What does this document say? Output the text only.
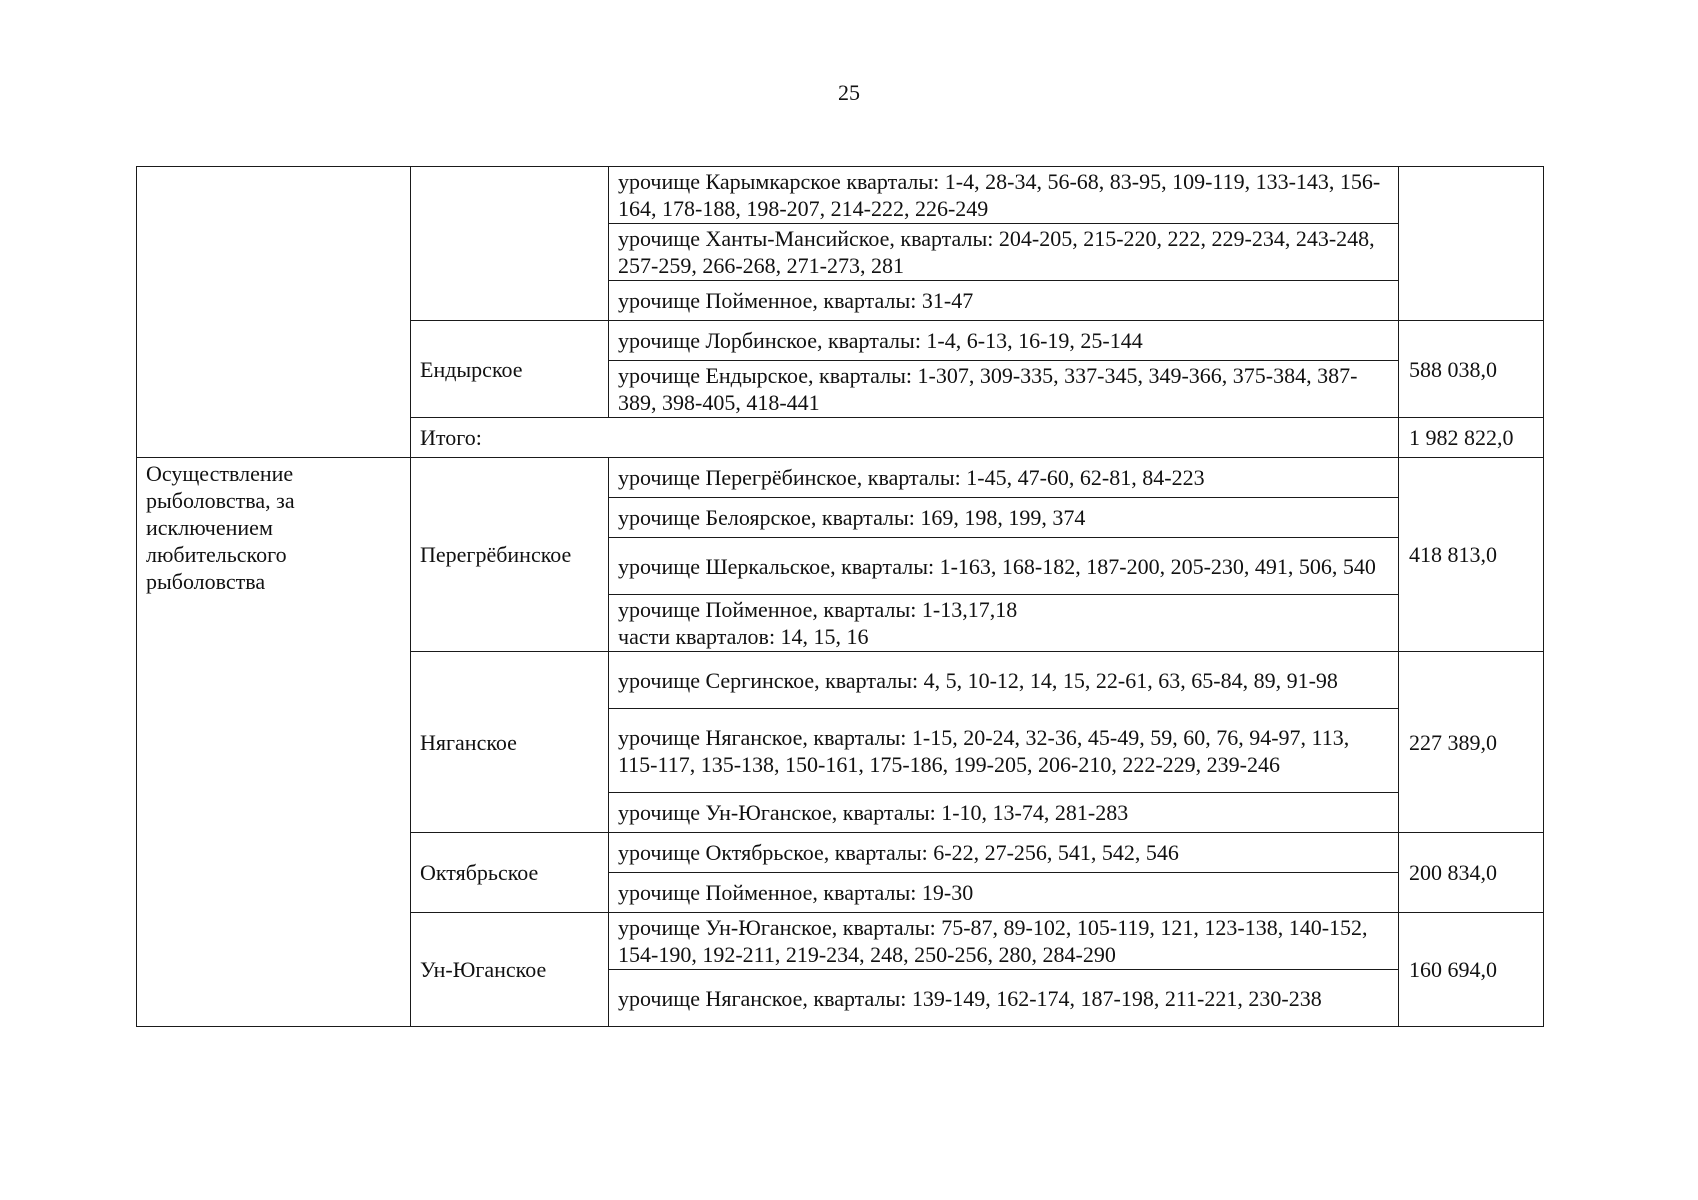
25
		урочище Карымкарское кварталы: 1-4, 28-34, 56-68, 83-95, 109-119, 133-143, 156-164, 178-188, 198-207, 214-222, 226-249	
		урочище Ханты-Мансийское, кварталы: 204-205, 215-220, 222, 229-234, 243-248, 257-259, 266-268, 271-273, 281	
		урочище Пойменное, кварталы: 31-47	
	Ендырское	урочище Лорбинское, кварталы: 1-4, 6-13, 16-19, 25-144	588 038,0
		урочище Ендырское, кварталы: 1-307, 309-335, 337-345, 349-366, 375-384, 387-389, 398-405, 418-441	
	Итого:		1 982 822,0
Осуществление рыболовства, за исключением любительского рыболовства	Перегрёбинское	урочище Перегрёбинское, кварталы: 1-45, 47-60, 62-81, 84-223	418 813,0
		урочище Белоярское, кварталы: 169, 198, 199, 374	
		урочище Шеркальское, кварталы: 1-163, 168-182, 187-200, 205-230, 491, 506, 540	

		урочище Пойменное, кварталы: 1-13,17,18
части кварталов: 14, 15, 16	

	Няганское	урочище Сергинское, кварталы: 4, 5, 10-12, 14, 15, 22-61, 63, 65-84, 89, 91-98	227 389,0
		урочище Няганское, кварталы: 1-15, 20-24, 32-36, 45-49, 59, 60, 76, 94-97, 113, 115-117, 135-138, 150-161, 175-186, 199-205, 206-210, 222-229, 239-246	
		урочище Ун-Юганское, кварталы: 1-10, 13-74, 281-283	
	Октябрьское	урочище Октябрьское, кварталы: 6-22, 27-256, 541, 542, 546	200 834,0
		урочище Пойменное, кварталы: 19-30	
	Ун-Юганское	урочище Ун-Юганское, кварталы: 75-87, 89-102, 105-119, 121, 123-138, 140-152, 154-190, 192-211, 219-234, 248, 250-256, 280, 284-290	160 694,0
		урочище Няганское, кварталы: 139-149, 162-174, 187-198, 211-221, 230-238	
